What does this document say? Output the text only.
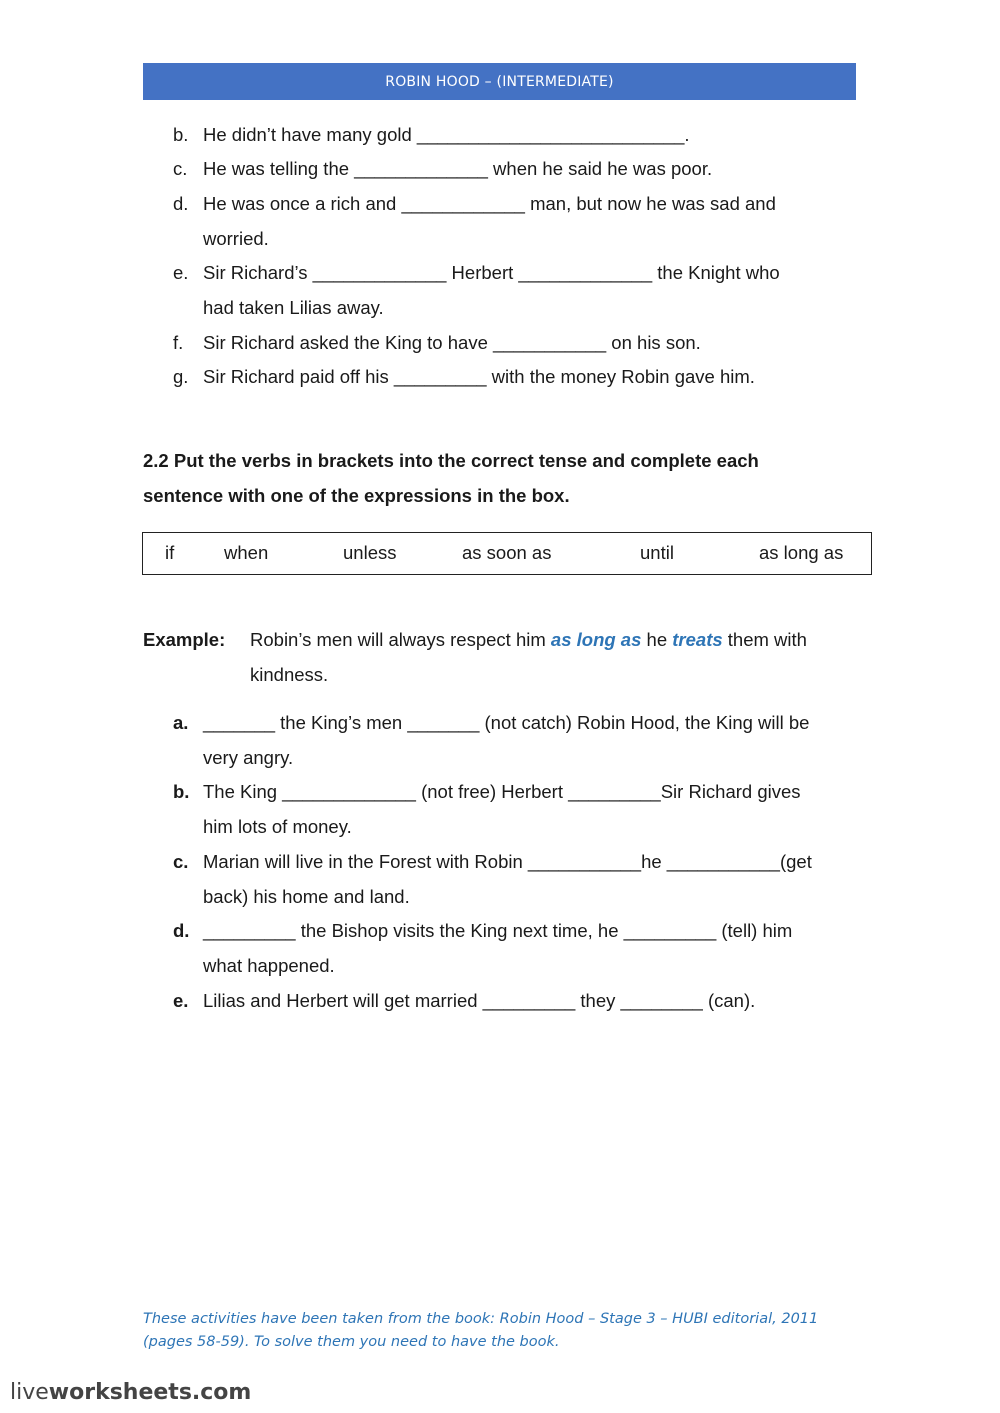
ROBIN HOOD – (INTERMEDIATE)
b. He didn’t have many gold __________________________.
c. He was telling the _____________ when he said he was poor.
d. He was once a rich and ____________ man, but now he was sad and
worried.
e. Sir Richard’s _____________ Herbert _____________ the Knight who
had taken Lilias away.
f. Sir Richard asked the King to have ___________ on his son.
g. Sir Richard paid off his _________ with the money Robin gave him.
2.2 Put the verbs in brackets into the correct tense and complete each
sentence with one of the expressions in the box.
if	when	unless	as soon as	until	as long as
Example: Robin’s men will always respect him as long as he treats them with
kindness.
a. _______ the King’s men _______ (not catch) Robin Hood, the King will be
very angry.
b. The King _____________ (not free) Herbert _________Sir Richard gives
him lots of money.
c. Marian will live in the Forest with Robin ___________he ___________(get
back) his home and land.
d. _________ the Bishop visits the King next time, he _________ (tell) him
what happened.
e. Lilias and Herbert will get married _________ they ________ (can).
These activities have been taken from the book: Robin Hood – Stage 3 – HUBI editorial, 2011
(pages 58-59). To solve them you need to have the book.
liveworksheets.com
